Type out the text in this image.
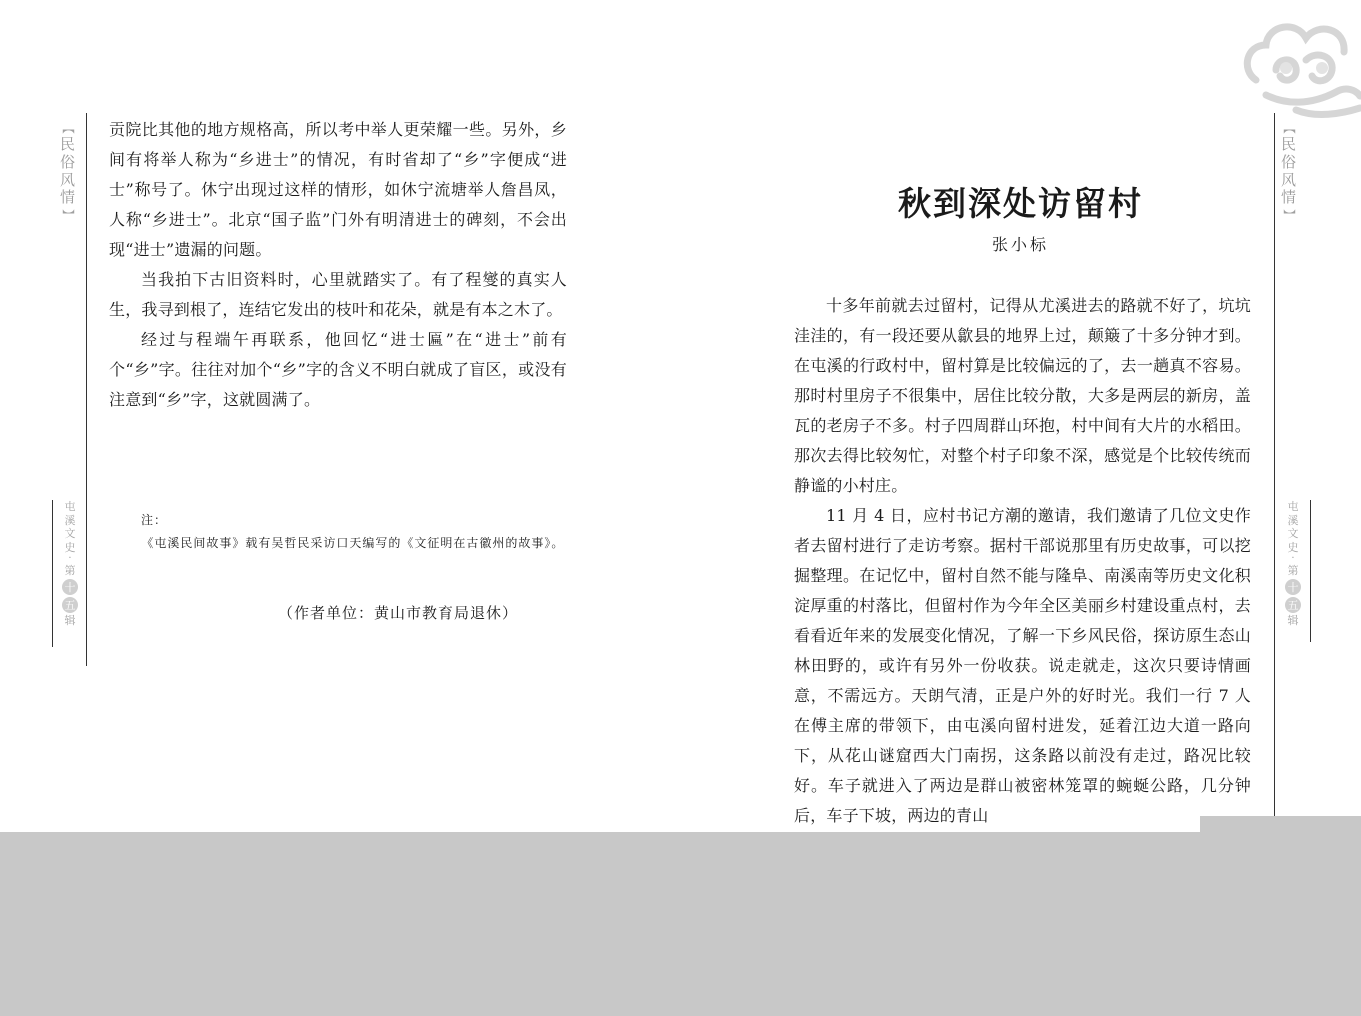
【
民
俗
风
情
】
屯
溪
文
史
·
第
十
五
辑

贡院比其他的地方规格高，所以考中举人更荣耀一些。另外，乡间有将举人称为“乡进士”的情况，有时省却了“乡”字便成“进士”称号了。休宁出现过这样的情形，如休宁流塘举人詹昌凤，人称“乡进士”。北京“国子监”门外有明清进士的碑刻，不会出现“进士”遗漏的问题。

当我拍下古旧资料时，心里就踏实了。有了程燮的真实人生，我寻到根了，连结它发出的枝叶和花朵，就是有本之木了。

经过与程端午再联系，他回忆“进士匾”在“进士”前有个“乡”字。往往对加个“乡”字的含义不明白就成了盲区，或没有注意到“乡”字，这就圆满了。

注：

《屯溪民间故事》载有吴哲民采访口天编写的《文征明在古徽州的故事》。

（作者单位：黄山市教育局退休）
【
民
俗
风
情
】
屯
溪
文
史
·
第
十
五
辑
秋到深处访留村
张小标

十多年前就去过留村，记得从尤溪进去的路就不好了，坑坑洼洼的，有一段还要从歙县的地界上过，颠簸了十多分钟才到。在屯溪的行政村中，留村算是比较偏远的了，去一趟真不容易。那时村里房子不很集中，居住比较分散，大多是两层的新房，盖瓦的老房子不多。村子四周群山环抱，村中间有大片的水稻田。那次去得比较匆忙，对整个村子印象不深，感觉是个比较传统而静谧的小村庄。

11 月 4 日，应村书记方潮的邀请，我们邀请了几位文史作者去留村进行了走访考察。据村干部说那里有历史故事，可以挖掘整理。在记忆中，留村自然不能与隆阜、南溪南等历史文化积淀厚重的村落比，但留村作为今年全区美丽乡村建设重点村，去看看近年来的发展变化情况，了解一下乡风民俗，探访原生态山林田野的，或许有另外一份收获。说走就走，这次只要诗情画意，不需远方。天朗气清，正是户外的好时光。我们一行 7 人在傅主席的带领下，由屯溪向留村进发，延着江边大道一路向下，从花山谜窟西大门南拐，这条路以前没有走过，路况比较好。车子就进入了两边是群山被密林笼罩的蜿蜒公路，几分钟后，车子下坡，两边的青山
